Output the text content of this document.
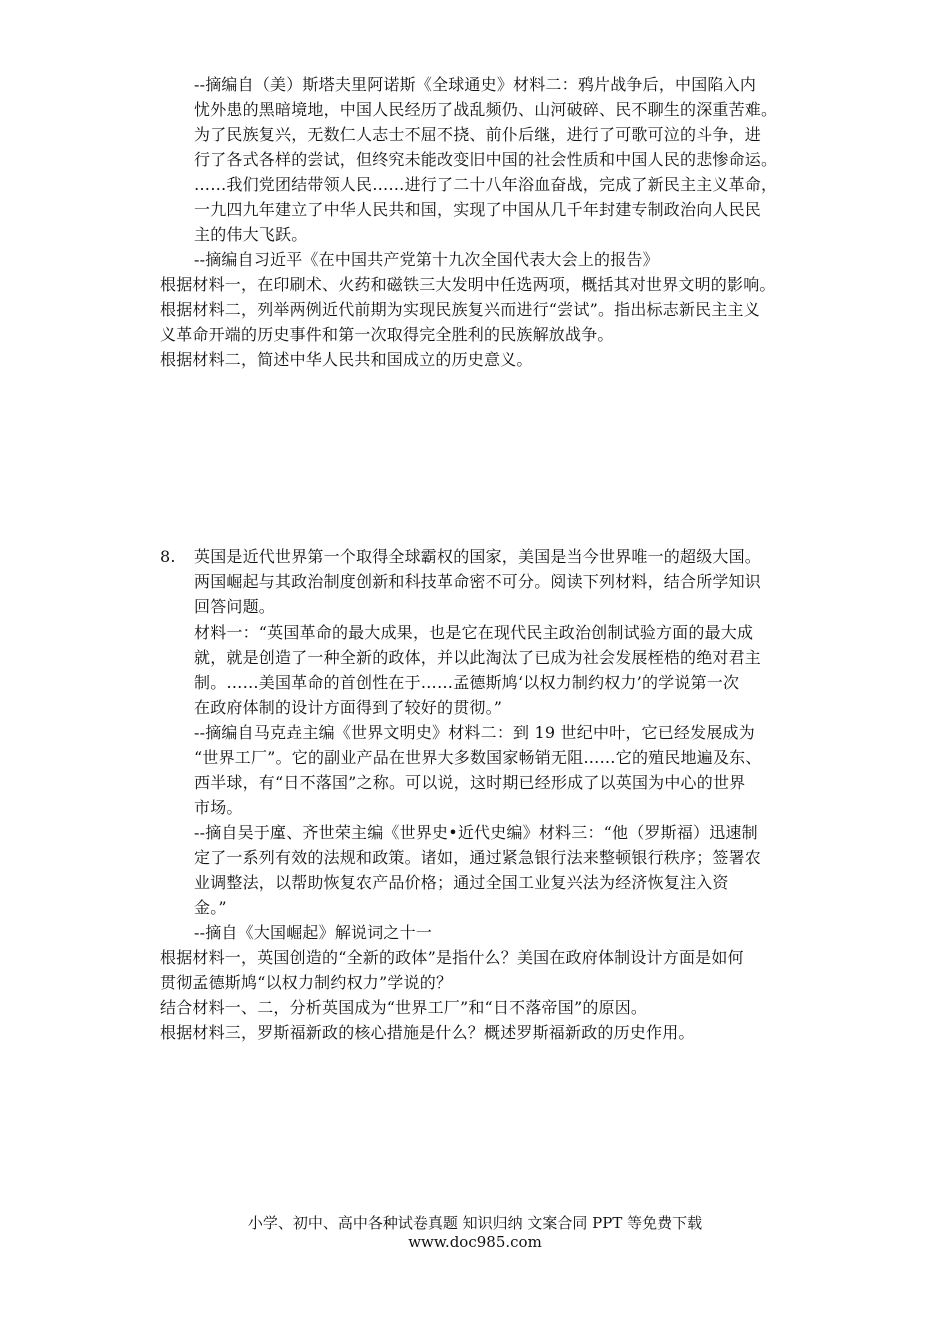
--摘编自（美）斯塔夫里阿诺斯《全球通史》材料二：鸦片战争后，中国陷入内
忧外患的黑暗境地，中国人民经历了战乱频仍、山河破碎、民不聊生的深重苦难。
为了民族复兴，无数仁人志士不屈不挠、前仆后继，进行了可歌可泣的斗争，进
行了各式各样的尝试，但终究未能改变旧中国的社会性质和中国人民的悲惨命运。
……我们党团结带领人民……进行了二十八年浴血奋战，完成了新民主主义革命，
一九四九年建立了中华人民共和国，实现了中国从几千年封建专制政治向人民民
主的伟大飞跃。
--摘编自习近平《在中国共产党第十九次全国代表大会上的报告》
根据材料一，在印刷术、火药和磁铁三大发明中任选两项，概括其对世界文明的影响。
根据材料二，列举两例近代前期为实现民族复兴而进行“尝试”。指出标志新民主主义
义革命开端的历史事件和第一次取得完全胜利的民族解放战争。
根据材料二，简述中华人民共和国成立的历史意义。
8. 英国是近代世界第一个取得全球霸权的国家，美国是当今世界唯一的超级大国。
两国崛起与其政治制度创新和科技革命密不可分。阅读下列材料，结合所学知识
回答问题。
材料一：“英国革命的最大成果，也是它在现代民主政治创制试验方面的最大成
就，就是创造了一种全新的政体，并以此淘汰了已成为社会发展桎梏的绝对君主
制。……美国革命的首创性在于……孟德斯鸠‘以权力制约权力’的学说第一次
在政府体制的设计方面得到了较好的贯彻。”
--摘编自马克垚主编《世界文明史》材料二：到 19 世纪中叶，它已经发展成为
“世界工厂”。它的副业产品在世界大多数国家畅销无阻……它的殖民地遍及东、
西半球，有“日不落国”之称。可以说，这时期已经形成了以英国为中心的世界
市场。
--摘自吴于廑、齐世荣主编《世界史•近代史编》材料三：“他（罗斯福）迅速制
定了一系列有效的法规和政策。诸如，通过紧急银行法来整顿银行秩序；签署农
业调整法，以帮助恢复农产品价格；通过全国工业复兴法为经济恢复注入资
金。”
--摘自《大国崛起》解说词之十一
根据材料一，英国创造的“全新的政体”是指什么？美国在政府体制设计方面是如何
贯彻孟德斯鸠“以权力制约权力”学说的？
结合材料一、二，分析英国成为“世界工厂”和“日不落帝国”的原因。
根据材料三，罗斯福新政的核心措施是什么？概述罗斯福新政的历史作用。
小学、初中、高中各种试卷真题 知识归纳 文案合同 PPT 等免费下载
www.doc985.com
